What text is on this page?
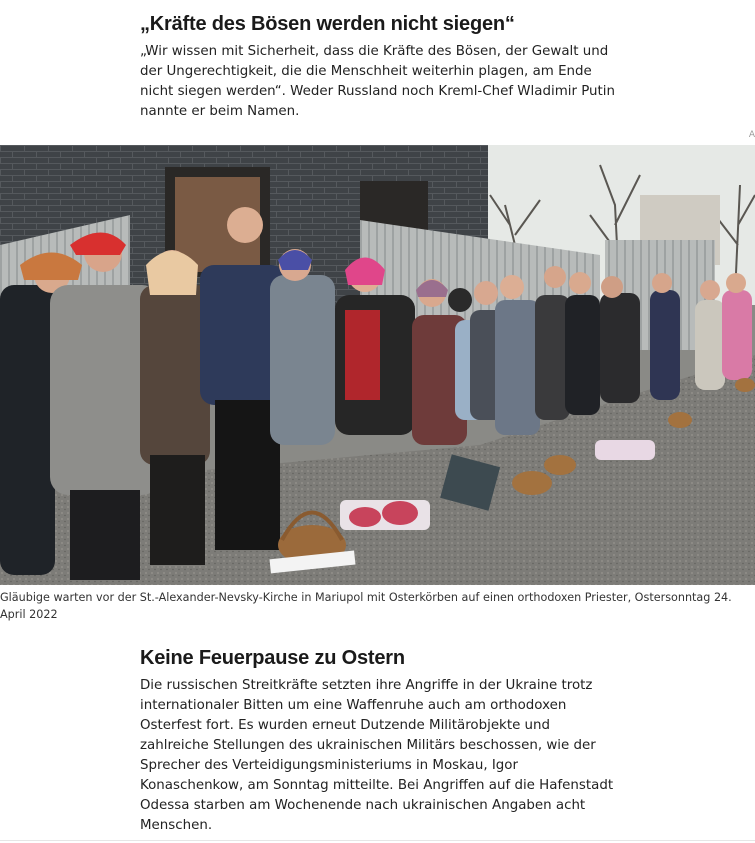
„Kräfte des Bösen werden nicht siegen“

„Wir wissen mit Sicherheit, dass die Kräfte des Bösen, der Gewalt und der Ungerechtigkeit, die die Menschheit weiterhin plagen, am Ende nicht siegen werden“. Weder Russland noch Kreml-Chef Wladimir Putin nannte er beim Namen.

A
Gläubige warten vor der St.-Alexander-Nevsky-Kirche in Mariupol mit Osterkörben auf einen orthodoxen Priester, Ostersonntag 24. April 2022
Keine Feuerpause zu Ostern

Die russischen Streitkräfte setzten ihre Angriffe in der Ukraine trotz internationaler Bitten um eine Waffenruhe auch am orthodoxen Osterfest fort. Es wurden erneut Dutzende Militärobjekte und zahlreiche Stellungen des ukrainischen Militärs beschossen, wie der Sprecher des Verteidigungsministeriums in Moskau, Igor Konaschenkow, am Sonntag mitteilte. Bei Angriffen auf die Hafenstadt Odessa starben am Wochenende nach ukrainischen Angaben acht Menschen.
